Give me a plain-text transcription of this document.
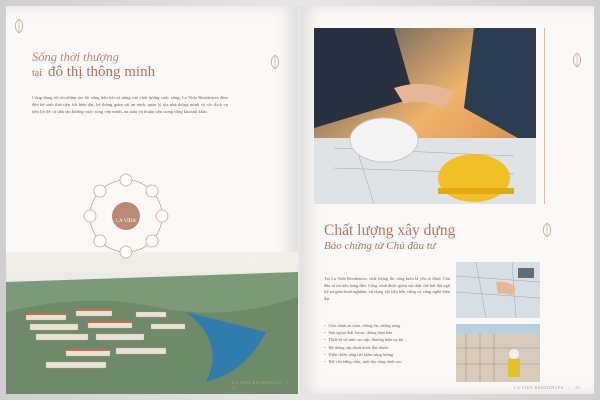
Sống thời thượng
tại đô thị thông minh
Công dụng tối ưu nhằm tạo lối sống tiện ích và nâng cao chất lượng cuộc sống, La Vida Residences đem đến hệ sinh thái tiện ích hiện đại, hệ thống giám sát an ninh, quản lý tòa nhà thông minh và các dịch vụ tiện lợi để cư dân tận hưởng cuộc sống văn minh, an toàn và thuận tiện trong từng khoảnh khắc.
LA VIDA
LA VIDA RESIDENCES | 20
Chất lượng xây dựng
Bảo chứng từ Chủ đầu tư
Tại La Vida Residences, chất lượng thi công luôn là yếu tố được Chủ đầu tư ưu tiên hàng đầu. Công trình được giám sát chặt chẽ bởi đội ngũ kỹ sư giàu kinh nghiệm, sử dụng vật liệu bền vững và công nghệ hiện đại.
• Cửa chính an toàn, chống ồn, chống nóng
• Sơn ngoại thất Jotun, chống bám bẩn
• Thiết bị vệ sinh cao cấp, thương hiệu uy tín
• Hệ thống cấp thoát nước đạt chuẩn
• Điện chiếu sáng tiết kiệm năng lượng
• Kết cấu vững chắc, tuổi thọ công trình cao
LA VIDA RESIDENCES | 21
